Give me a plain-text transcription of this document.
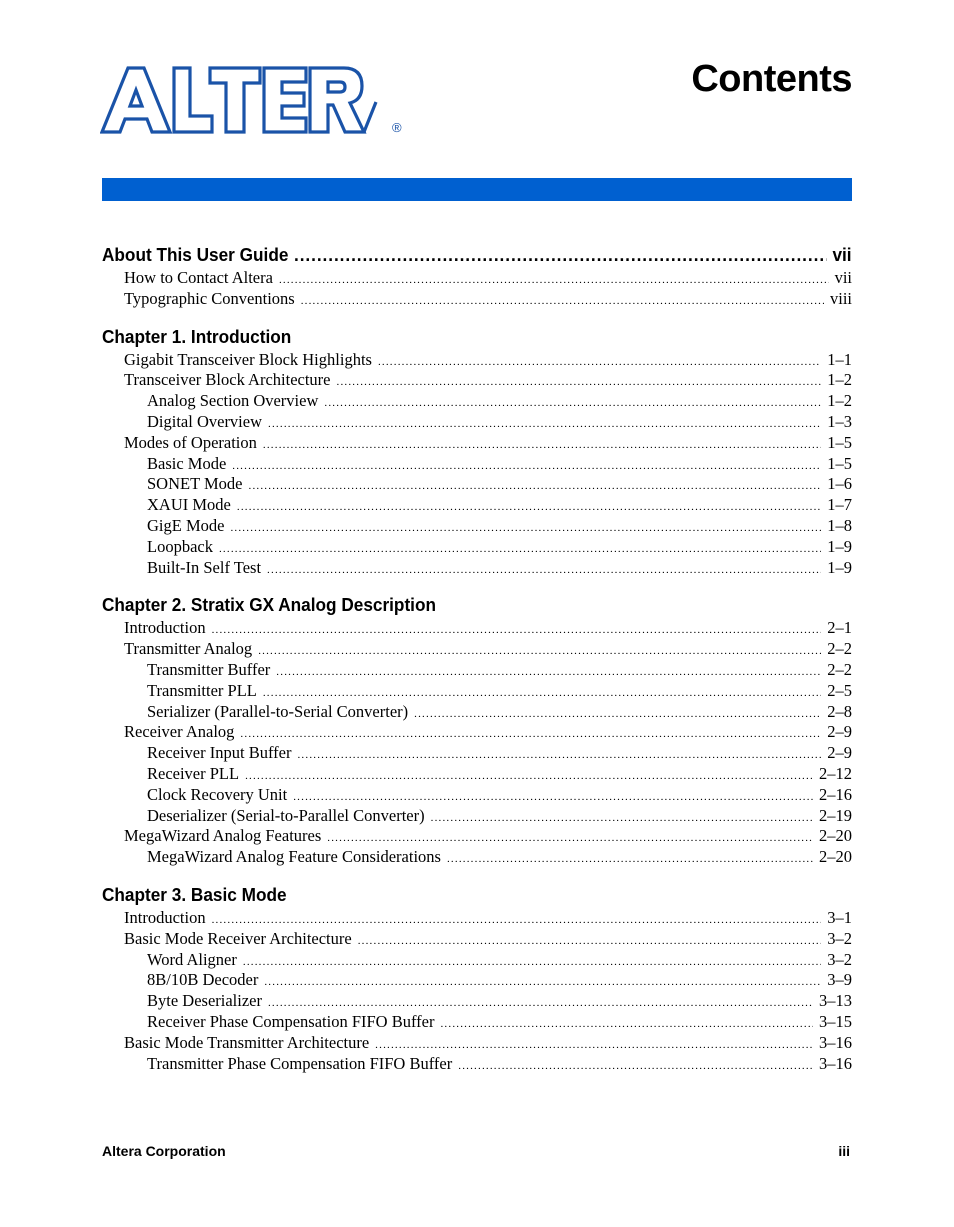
®
Contents
About This User Guide .....	vii
How to Contact Altera .....	vii
Typographic Conventions .....	viii
Chapter 1. Introduction
Gigabit Transceiver Block Highlights .....	1–1
Transceiver Block Architecture .....	1–2
Analog Section Overview .....	1–2
Digital Overview .....	1–3
Modes of Operation .....	1–5
Basic Mode .....	1–5
SONET Mode .....	1–6
XAUI Mode .....	1–7
GigE Mode .....	1–8
Loopback .....	1–9
Built-In Self Test .....	1–9
Chapter 2. Stratix GX Analog Description
Introduction .....	2–1
Transmitter Analog .....	2–2
Transmitter Buffer .....	2–2
Transmitter PLL .....	2–5
Serializer (Parallel-to-Serial Converter) .....	2–8
Receiver Analog .....	2–9
Receiver Input Buffer .....	2–9
Receiver PLL .....	2–12
Clock Recovery Unit .....	2–16
Deserializer (Serial-to-Parallel Converter) .....	2–19
MegaWizard Analog Features .....	2–20
MegaWizard Analog Feature Considerations .....	2–20
Chapter 3. Basic Mode
Introduction .....	3–1
Basic Mode Receiver Architecture .....	3–2
Word Aligner .....	3–2
8B/10B Decoder .....	3–9
Byte Deserializer .....	3–13
Receiver Phase Compensation FIFO Buffer .....	3–15
Basic Mode Transmitter Architecture .....	3–16
Transmitter Phase Compensation FIFO Buffer .....	3–16
Altera Corporation	iii
